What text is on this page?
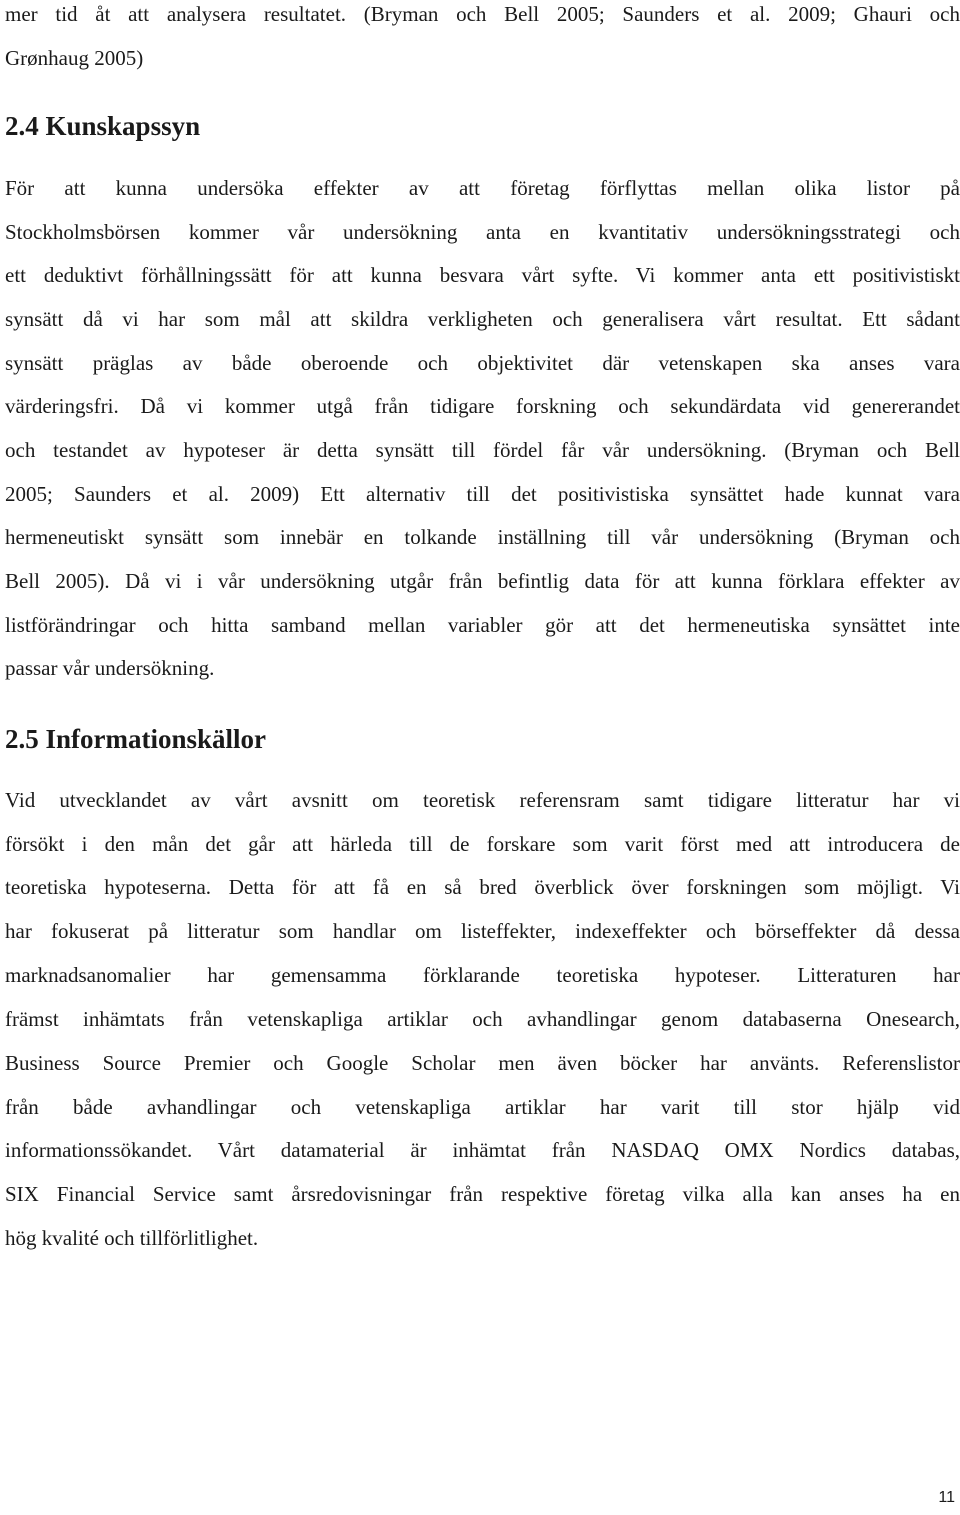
mer tid åt att analysera resultatet. (Bryman och Bell 2005; Saunders et al. 2009; Ghauri och
Grønhaug 2005)
2.4 Kunskapssyn
För att kunna undersöka effekter av att företag förflyttas mellan olika listor på
Stockholmsbörsen kommer vår undersökning anta en kvantitativ undersökningsstrategi och
ett deduktivt förhållningssätt för att kunna besvara vårt syfte. Vi kommer anta ett positivistiskt
synsätt då vi har som mål att skildra verkligheten och generalisera vårt resultat. Ett sådant
synsätt präglas av både oberoende och objektivitet där vetenskapen ska anses vara
värderingsfri. Då vi kommer utgå från tidigare forskning och sekundärdata vid genererandet
och testandet av hypoteser är detta synsätt till fördel får vår undersökning. (Bryman och Bell
2005; Saunders et al. 2009) Ett alternativ till det positivistiska synsättet hade kunnat vara
hermeneutiskt synsätt som innebär en tolkande inställning till vår undersökning (Bryman och
Bell 2005). Då vi i vår undersökning utgår från befintlig data för att kunna förklara effekter av
listförändringar och hitta samband mellan variabler gör att det hermeneutiska synsättet inte
passar vår undersökning.
2.5 Informationskällor
Vid utvecklandet av vårt avsnitt om teoretisk referensram samt tidigare litteratur har vi
försökt i den mån det går att härleda till de forskare som varit först med att introducera de
teoretiska hypoteserna. Detta för att få en så bred överblick över forskningen som möjligt. Vi
har fokuserat på litteratur som handlar om listeffekter, indexeffekter och börseffekter då dessa
marknadsanomalier har gemensamma förklarande teoretiska hypoteser. Litteraturen har
främst inhämtats från vetenskapliga artiklar och avhandlingar genom databaserna Onesearch,
Business Source Premier och Google Scholar men även böcker har använts. Referenslistor
från både avhandlingar och vetenskapliga artiklar har varit till stor hjälp vid
informationssökandet. Vårt datamaterial är inhämtat från NASDAQ OMX Nordics databas,
SIX Financial Service samt årsredovisningar från respektive företag vilka alla kan anses ha en
hög kvalité och tillförlitlighet.
11
